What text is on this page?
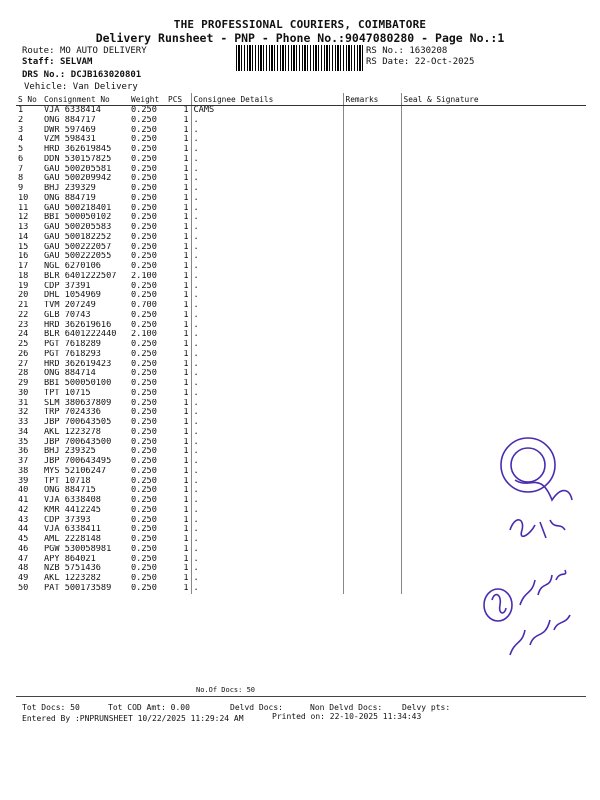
THE PROFESSIONAL COURIERS, COIMBATORE
Delivery Runsheet - PNP - Phone No.:9047080280 - Page No.:1
Route: MO AUTO DELIVERY
Staff: SELVAM
DRS No.: DCJB163020801
Vehicle: Van Delivery
RS No.: 1630208
RS Date: 22-Oct-2025
S No	Consignment No	Weight	PCS	Consignee Details	Remarks	Seal & Signature
1	VJA 6338414	0.250	1	CAMS		
2	ONG 884717	0.250	1	.		
3	DWR 597469	0.250	1	.		
4	VZM 598431	0.250	1	.		
5	HRD 362619845	0.250	1	.		
6	DDN 530157825	0.250	1	.		
7	GAU 500205581	0.250	1	.		
8	GAU 500209942	0.250	1	.		
9	BHJ 239329	0.250	1	.		
10	ONG 884719	0.250	1	.		
11	GAU 500218401	0.250	1	.		
12	BBI 500050102	0.250	1	.		
13	GAU 500205583	0.250	1	.		
14	GAU 500182252	0.250	1	.		
15	GAU 500222057	0.250	1	.		
16	GAU 500222055	0.250	1	.		
17	NGL 6270106	0.250	1	.		
18	BLR 6401222507	2.100	1	.		
19	CDP 37391	0.250	1	.		
20	DHL 1054969	0.250	1	.		
21	TVM 207249	0.700	1	.		
22	GLB 70743	0.250	1	.		
23	HRD 362619616	0.250	1	.		
24	BLR 6401222440	2.100	1	.		
25	PGT 7618289	0.250	1	.		
26	PGT 7618293	0.250	1	.		
27	HRD 362619423	0.250	1	.		
28	ONG 884714	0.250	1	.		
29	BBI 500050100	0.250	1	.		
30	TPT 10715	0.250	1	.		
31	SLM 380637809	0.250	1	.		
32	TRP 7024336	0.250	1	.		
33	JBP 700643505	0.250	1	.		
34	AKL 1223278	0.250	1	.		
35	JBP 700643500	0.250	1	.		
36	BHJ 239325	0.250	1	.		
37	JBP 700643495	0.250	1	.		
38	MYS 52106247	0.250	1	.		
39	TPT 10718	0.250	1	.		
40	ONG 884715	0.250	1	.		
41	VJA 6338408	0.250	1	.		
42	KMR 4412245	0.250	1	.		
43	CDP 37393	0.250	1	.		
44	VJA 6338411	0.250	1	.		
45	AML 2228148	0.250	1	.		
46	PGW 530058981	0.250	1	.		
47	APY 864021	0.250	1	.		
48	NZB 5751436	0.250	1	.		
49	AKL 1223282	0.250	1	.		
50	PAT 500173589	0.250	1	.		
No.Of Docs: 50
Tot Docs: 50	Tot COD Amt: 0.00	Delvd Docs:	Non Delvd Docs: Delvy pts:
Entered By :PNPRUNSHEET 10/22/2025 11:29:24 AM	Printed on: 22-10-2025 11:34:43
